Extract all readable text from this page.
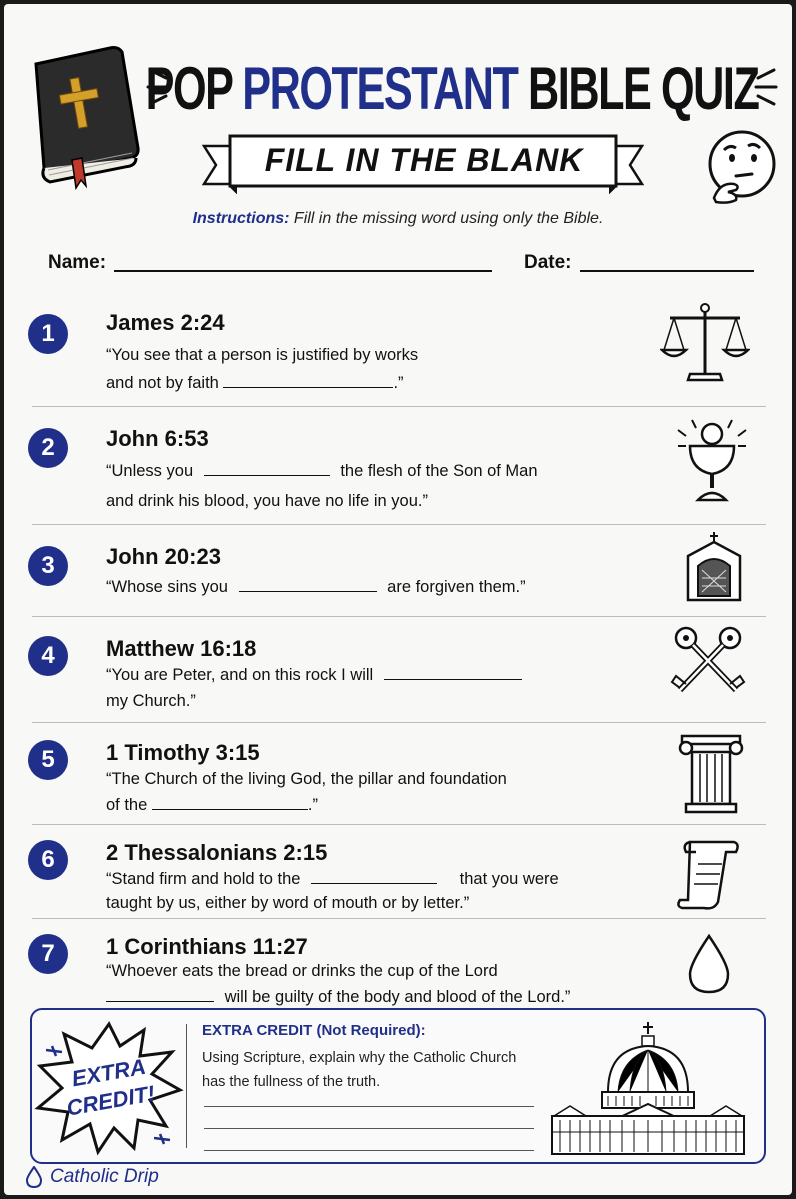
POP PROTESTANT BIBLE QUIZ
FILL IN THE BLANK
Instructions: Fill in the missing word using only the Bible.
Name:	Date:
1	James 2:24
“You see that a person is justified by works
and not by faith	.”
2	John 6:53
“Unless you	the flesh of the Son of Man
and drink his blood, you have no life in you.”
3	John 20:23
“Whose sins you	are forgiven them.”
4	Matthew 16:18
“You are Peter, and on this rock I will
my Church.”
5	1 Timothy 3:15
“The Church of the living God, the pillar and foundation
of the	.”
6	2 Thessalonians 2:15
“Stand firm and hold to the	that you were
taught by us, either by word of mouth or by letter.”
7	1 Corinthians 11:27
“Whoever eats the bread or drinks the cup of the Lord
will be guilty of the body and blood of the Lord.”
EXTRA
CREDIT!
EXTRA CREDIT (Not Required):
Using Scripture, explain why the Catholic Church
has the fullness of the truth.
Catholic Drip
